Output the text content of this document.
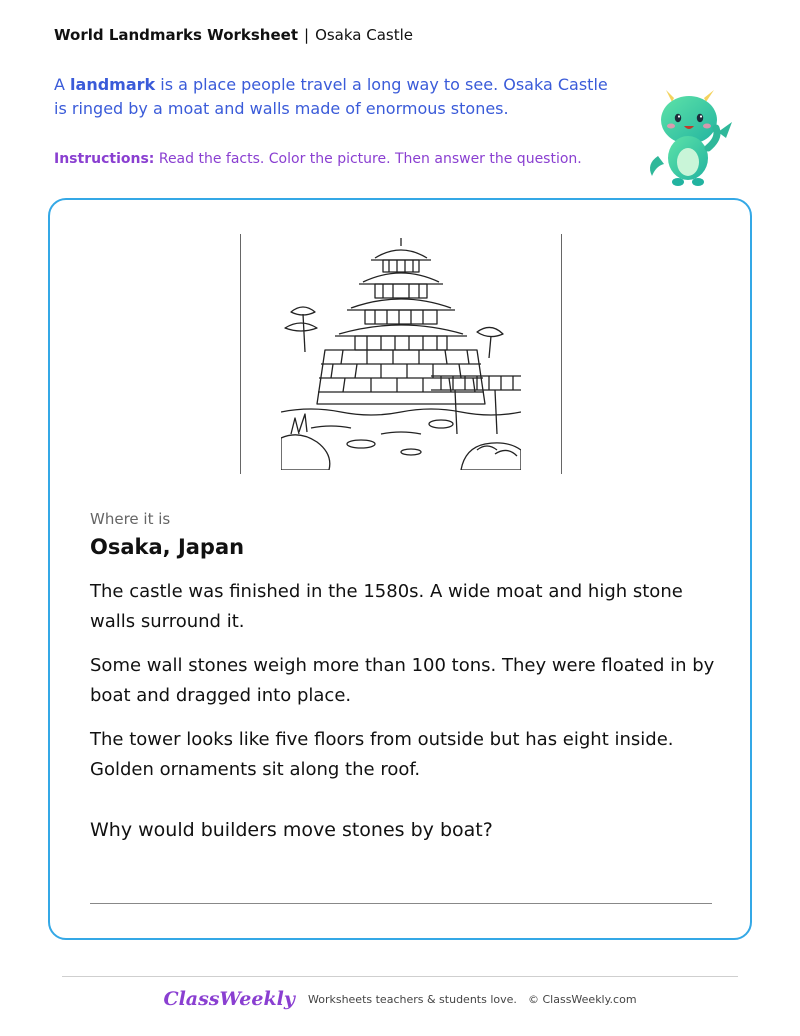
World Landmarks Worksheet | Osaka Castle
A landmark is a place people travel a long way to see. Osaka Castle is ringed by a moat and walls made of enormous stones.
Instructions: Read the facts. Color the picture. Then answer the question.
Where it is
Osaka, Japan

The castle was finished in the 1580s. A wide moat and high stone walls surround it.

Some wall stones weigh more than 100 tons. They were floated in by boat and dragged into place.

The tower looks like five floors from outside but has eight inside. Golden ornaments sit along the roof.

Why would builders move stones by boat?
ClassWeekly Worksheets teachers & students love. © ClassWeekly.com
